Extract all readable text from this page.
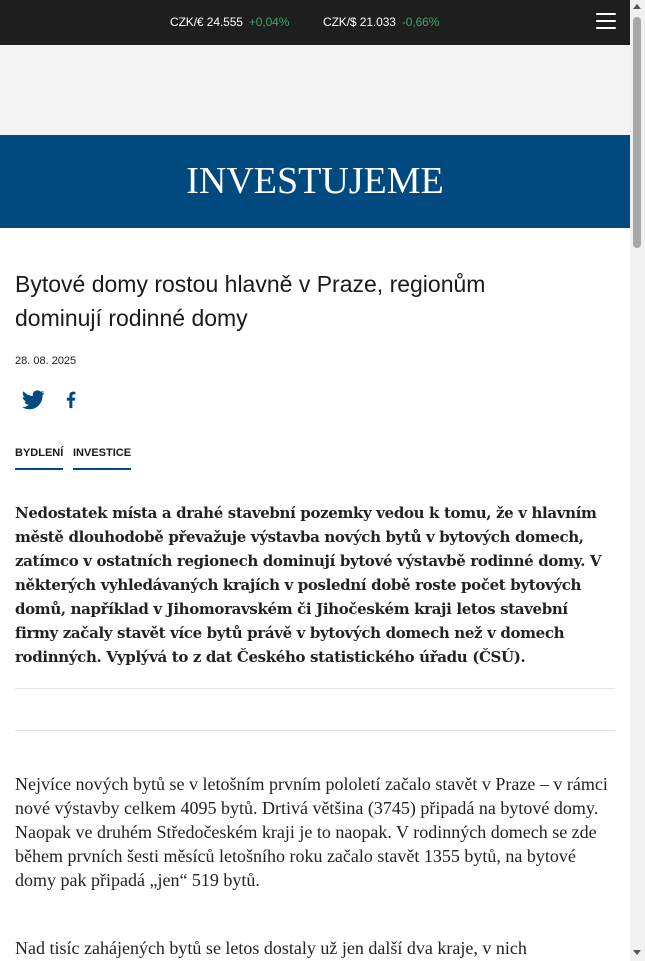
CZK/€ 24.555 +0,04%	CZK/$ 21.033 -0,66%
INVESTUJEME
Bytové domy rostou hlavně v Praze, regionům dominují rodinné domy
28. 08. 2025
BYDLENÍ INVESTICE

Nedostatek místa a drahé stavební pozemky vedou k tomu, že v hlavním městě dlouhodobě převažuje výstavba nových bytů v bytových domech, zatímco v ostatních regionech dominují bytové výstavbě rodinné domy. V některých vyhledávaných krajích v poslední době roste počet bytových domů, například v Jihomoravském či Jihočeském kraji letos stavební firmy začaly stavět více bytů právě v bytových domech než v domech rodinných. Vyplývá to z dat Českého statistického úřadu (ČSÚ).

Nejvíce nových bytů se v letošním prvním pololetí začalo stavět v Praze – v rámci nové výstavby celkem 4095 bytů. Drtivá většina (3745) připadá na bytové domy. Naopak ve druhém Středočeském kraji je to naopak. V rodinných domech se zde během prvních šesti měsíců letošního roku začalo stavět 1355 bytů, na bytové domy pak připadá „jen“ 519 bytů.

Nad tisíc zahájených bytů se letos dostaly už jen další dva kraje, v nich
